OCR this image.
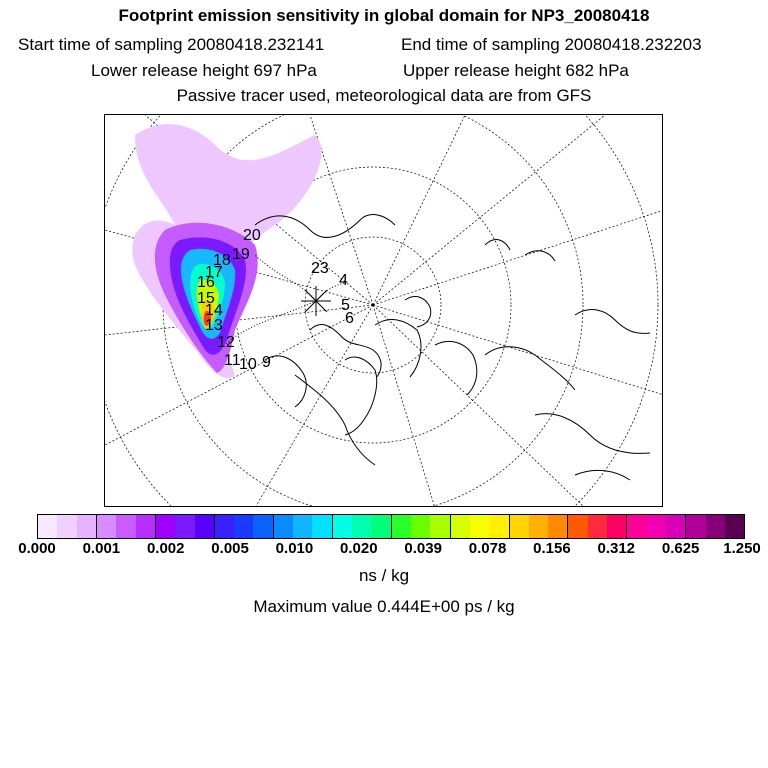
Footprint emission sensitivity in global domain for NP3_20080418
Start time of sampling 20080418.232141	End time of sampling 20080418.232203
Lower release height 697 hPa	Upper release height 682 hPa
Passive tracer used, meteorological data are from GFS
20
19
18
17
16
15
14
13
12
11
10 9
4
5
6
23
0.000 0.001 0.002 0.005 0.010 0.020 0.039 0.078 0.156 0.312 0.625 1.250
ns / kg
Maximum value 0.444E+00 ps / kg
